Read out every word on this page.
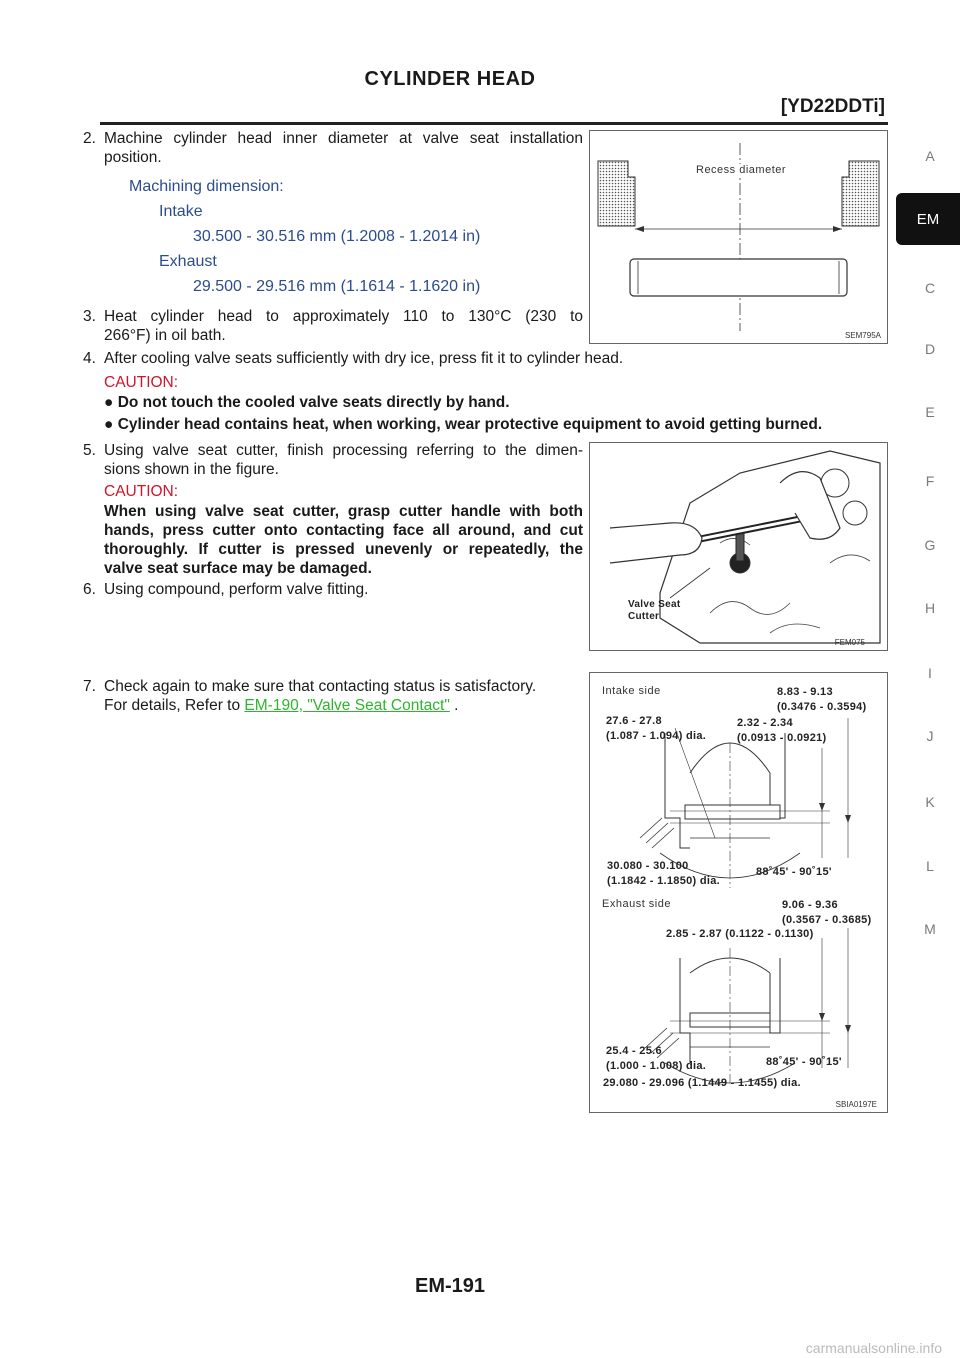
CYLINDER HEAD
[YD22DDTi]
A
EM
C
D
E
F
G
H
I
J
K
L
M
2. Machine cylinder head inner diameter at valve seat installation
position.
Machining dimension:
Intake
30.500 - 30.516 mm (1.2008 - 1.2014 in)
Exhaust
29.500 - 29.516 mm (1.1614 - 1.1620 in)
3. Heat cylinder head to approximately 110 to 130°C (230 to
266°F) in oil bath.
4. After cooling valve seats sufficiently with dry ice, press fit it to cylinder head.
CAUTION:
● Do not touch the cooled valve seats directly by hand.
● Cylinder head contains heat, when working, wear protective equipment to avoid getting burned.
5. Using valve seat cutter, finish processing referring to the dimen-
sions shown in the figure.
CAUTION:
When using valve seat cutter, grasp cutter handle with both
hands, press cutter onto contacting face all around, and cut
thoroughly. If cutter is pressed unevenly or repeatedly, the
valve seat surface may be damaged.
6. Using compound, perform valve fitting.
7. Check again to make sure that contacting status is satisfactory.
For details, Refer to EM-190, "Valve Seat Contact" .
Recess diameter
SEM795A
Valve Seat
Cutter
FEM075
Intake side	8.83 - 9.13
(0.3476 - 0.3594)
27.6 - 27.8
(1.087 - 1.094) dia.
2.32 - 2.34
(0.0913 - 0.0921)
30.080 - 30.100
(1.1842 - 1.1850) dia.
88˚45' - 90˚15'
Exhaust side	9.06 - 9.36
(0.3567 - 0.3685)
2.85 - 2.87 (0.1122 - 0.1130)
25.4 - 25.6
(1.000 - 1.008) dia.	88˚45' - 90˚15'
29.080 - 29.096 (1.1449 - 1.1455) dia.
SBIA0197E
EM-191
carmanualsonline.info
